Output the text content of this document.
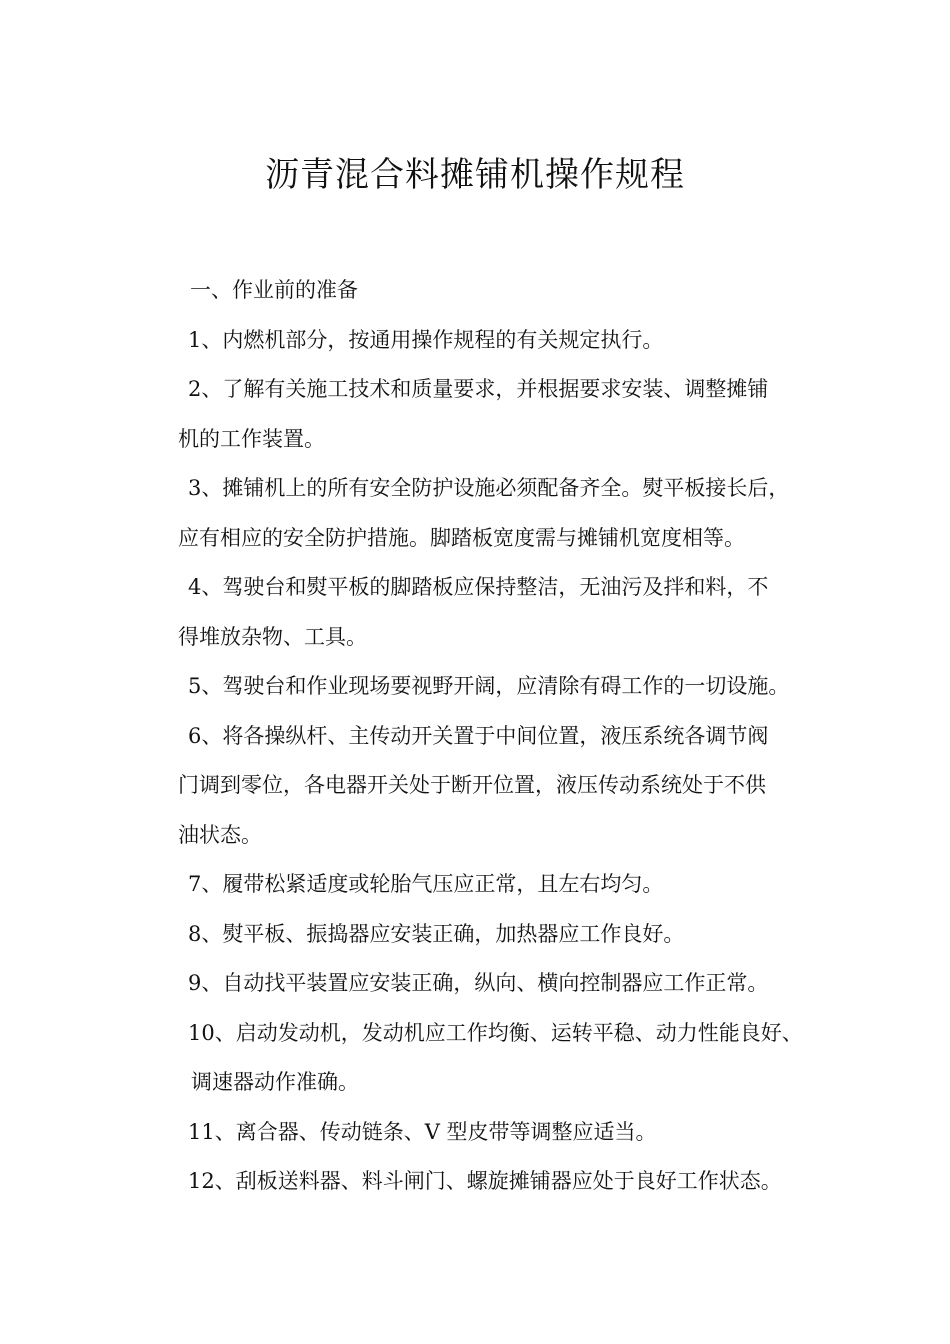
沥青混合料摊铺机操作规程

一、作业前的准备

1、内燃机部分，按通用操作规程的有关规定执行。

2、了解有关施工技术和质量要求，并根据要求安装、调整摊铺

机的工作装置。

3、摊铺机上的所有安全防护设施必须配备齐全。熨平板接长后，

应有相应的安全防护措施。脚踏板宽度需与摊铺机宽度相等。

4、驾驶台和熨平板的脚踏板应保持整洁，无油污及拌和料，不

得堆放杂物、工具。

5、驾驶台和作业现场要视野开阔，应清除有碍工作的一切设施。

6、将各操纵杆、主传动开关置于中间位置，液压系统各调节阀

门调到零位，各电器开关处于断开位置，液压传动系统处于不供

油状态。

7、履带松紧适度或轮胎气压应正常，且左右均匀。

8、熨平板、振捣器应安装正确，加热器应工作良好。

9、自动找平装置应安装正确，纵向、横向控制器应工作正常。

10、启动发动机，发动机应工作均衡、运转平稳、动力性能良好、

调速器动作准确。

11、离合器、传动链条、V 型皮带等调整应适当。

12、刮板送料器、料斗闸门、螺旋摊铺器应处于良好工作状态。
